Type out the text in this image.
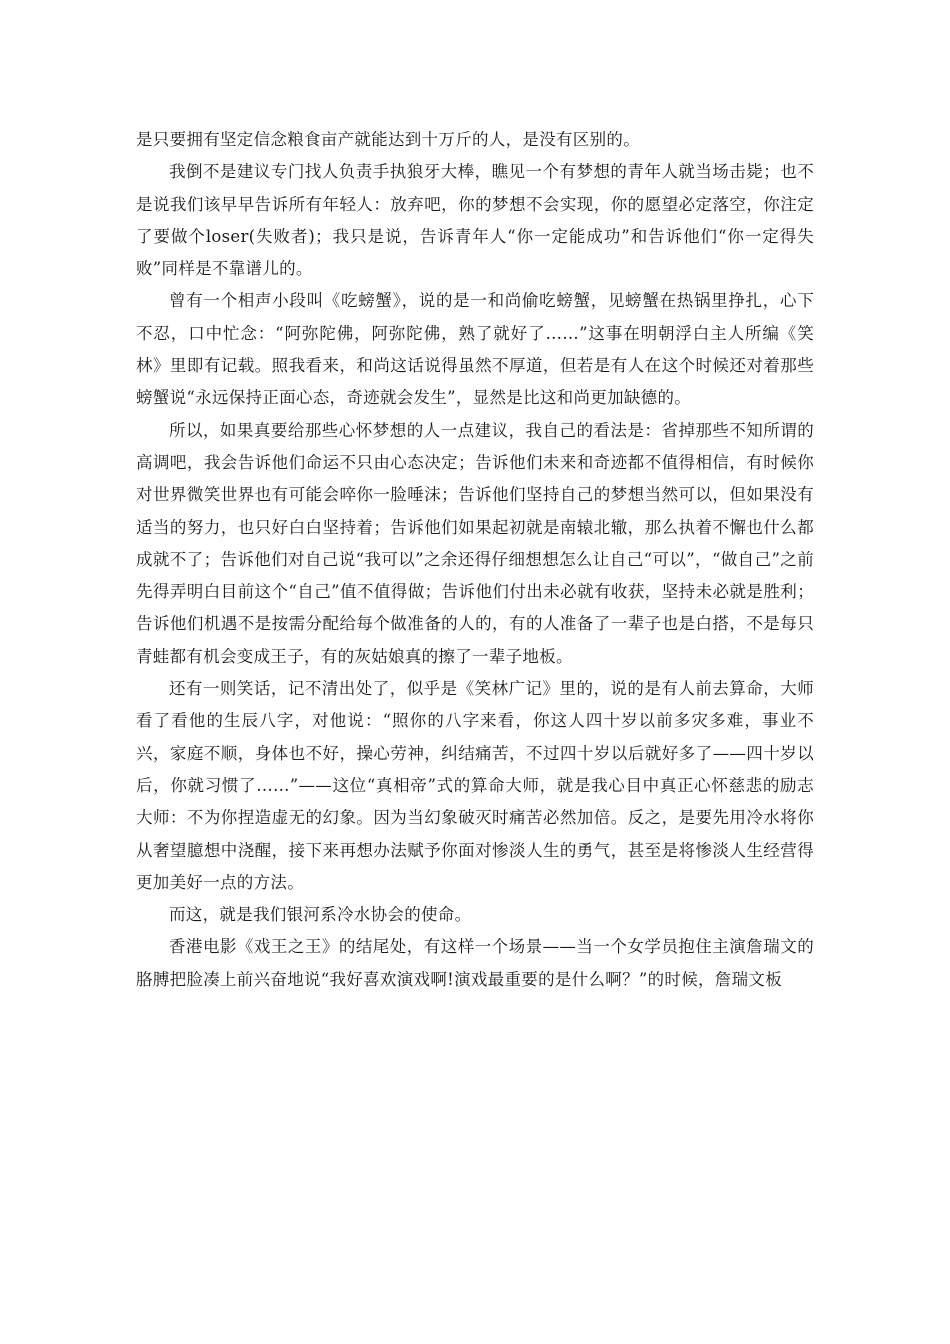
是只要拥有坚定信念粮食亩产就能达到十万斤的人，是没有区别的。

我倒不是建议专门找人负责手执狼牙大棒，瞧见一个有梦想的青年人就当场击毙；也不是说我们该早早告诉所有年轻人：放弃吧，你的梦想不会实现，你的愿望必定落空，你注定了要做个loser(失败者)；我只是说，告诉青年人“你一定能成功”和告诉他们“你一定得失败”同样是不靠谱儿的。

曾有一个相声小段叫《吃螃蟹》，说的是一和尚偷吃螃蟹，见螃蟹在热锅里挣扎，心下不忍，口中忙念：“阿弥陀佛，阿弥陀佛，熟了就好了……”这事在明朝浮白主人所编《笑林》里即有记载。照我看来，和尚这话说得虽然不厚道，但若是有人在这个时候还对着那些螃蟹说“永远保持正面心态，奇迹就会发生”，显然是比这和尚更加缺德的。

所以，如果真要给那些心怀梦想的人一点建议，我自己的看法是：省掉那些不知所谓的高调吧，我会告诉他们命运不只由心态决定；告诉他们未来和奇迹都不值得相信，有时候你对世界微笑世界也有可能会啐你一脸唾沫；告诉他们坚持自己的梦想当然可以，但如果没有适当的努力，也只好白白坚持着；告诉他们如果起初就是南辕北辙，那么执着不懈也什么都成就不了；告诉他们对自己说“我可以”之余还得仔细想想怎么让自己“可以”，“做自己”之前先得弄明白目前这个“自己”值不值得做；告诉他们付出未必就有收获，坚持未必就是胜利；告诉他们机遇不是按需分配给每个做准备的人的，有的人准备了一辈子也是白搭，不是每只青蛙都有机会变成王子，有的灰姑娘真的擦了一辈子地板。

还有一则笑话，记不清出处了，似乎是《笑林广记》里的，说的是有人前去算命，大师看了看他的生辰八字，对他说：“照你的八字来看，你这人四十岁以前多灾多难，事业不兴，家庭不顺，身体也不好，操心劳神，纠结痛苦，不过四十岁以后就好多了——四十岁以后，你就习惯了……”——这位“真相帝”式的算命大师，就是我心目中真正心怀慈悲的励志大师：不为你捏造虚无的幻象。因为当幻象破灭时痛苦必然加倍。反之，是要先用冷水将你从奢望臆想中浇醒，接下来再想办法赋予你面对惨淡人生的勇气，甚至是将惨淡人生经营得更加美好一点的方法。

而这，就是我们银河系冷水协会的使命。

香港电影《戏王之王》的结尾处，有这样一个场景——当一个女学员抱住主演詹瑞文的胳膊把脸凑上前兴奋地说“我好喜欢演戏啊!演戏最重要的是什么啊？”的时候，詹瑞文板
